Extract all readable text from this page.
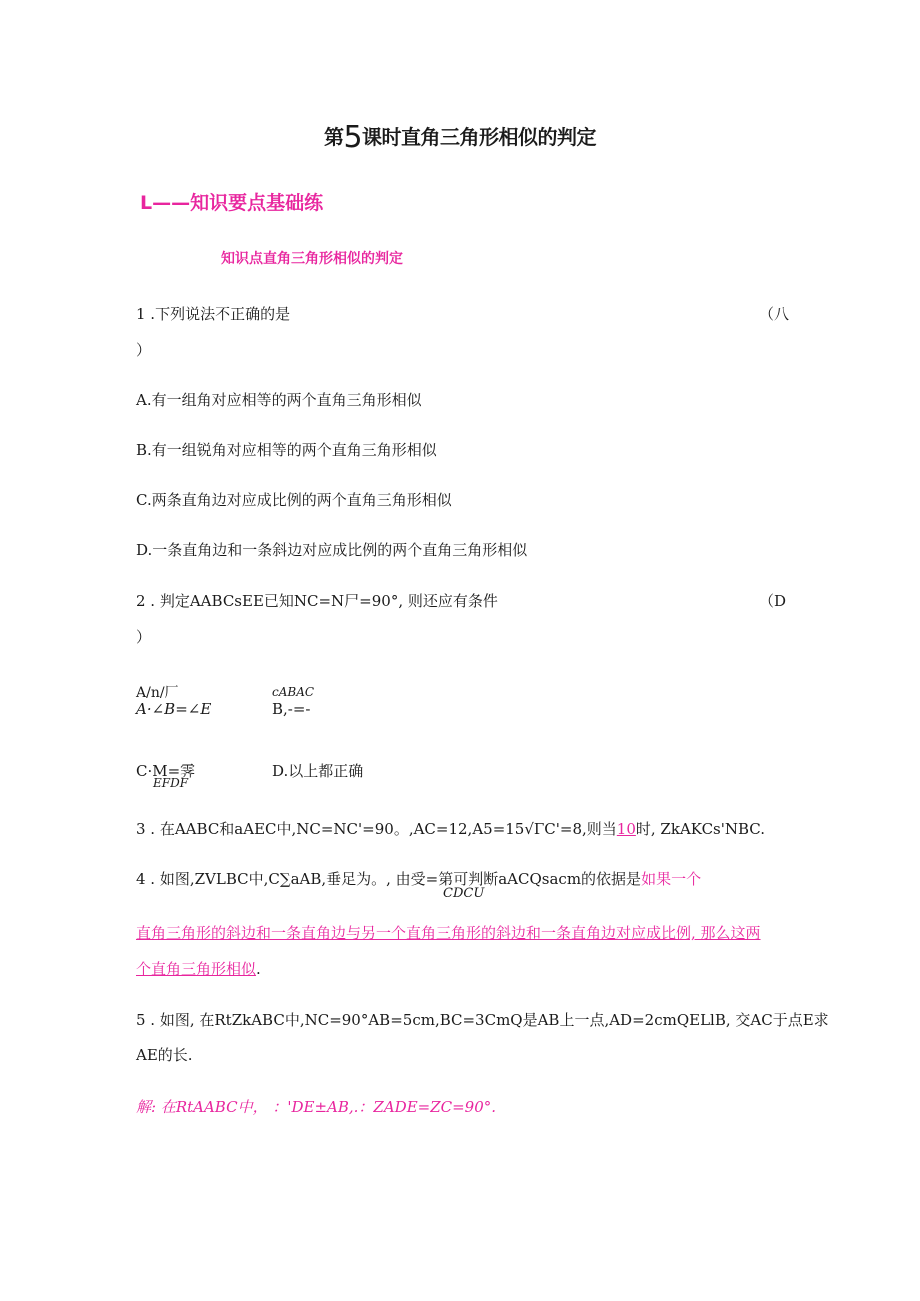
第5课时直角三角形相似的判定
L——知识要点基础练
知识点直角三角形相似的判定
1 .下列说法不正确的是	（八
）
A.有一组角对应相等的两个直角三角形相似
B.有一组锐角对应相等的两个直角三角形相似
C.两条直角边对应成比例的两个直角三角形相似
D.一条直角边和一条斜边对应成比例的两个直角三角形相似
2 . 判定AABCsEE已知NC=N尸=90°, 则还应有条件	（D
）
A/n/厂
A·∠B=∠E
cABAC
B,-=-
C·M=霁
EFDF
D.以上都正确
3 . 在AABC和aAEC中,NC=NC'=90。,AC=12,A5=15√ΓC'=8,则当10时, ZkAKCs'NBC.
4 . 如图,ZVLBC中,C∑aAB,垂足为。, 由受=第可判断aACQsacm的依据是如果一个
CDCU
直角三角形的斜边和一条直角边与另一个直角三角形的斜边和一条直角边对应成比例, 那么这两
个直角三角形相似.
5 . 如图, 在RtZkABC中,NC=90°AB=5cm,BC=3CmQ是AB上一点,AD=2cmQELlB, 交AC于点E求
AE的长.
解: 在RtAABC中， ：'DE±AB,.：ZADE=ZC=90°.
